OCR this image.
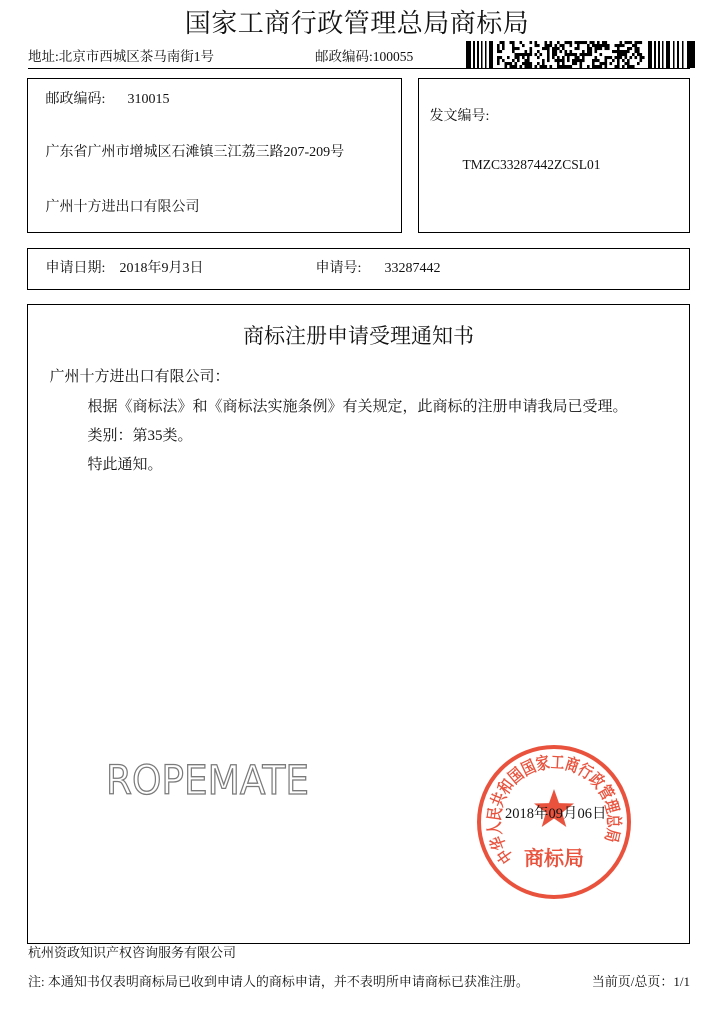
国家工商行政管理总局商标局
地址:北京市西城区茶马南街1号	邮政编码:100055
邮政编码: 310015
广东省广州市增城区石滩镇三江荔三路207-209号
广州十方进出口有限公司
发文编号:
TMZC33287442ZCSL01
申请日期: 2018年9月3日	申请号: 33287442
商标注册申请受理通知书
广州十方进出口有限公司：
根据《商标法》和《商标法实施条例》有关规定，此商标的注册申请我局已受理。
类别：第35类。
特此通知。
ROPEMATE
中华人民共和国国家工商行政管理总局
商标局
2018年09月06日
杭州资政知识产权咨询服务有限公司
注: 本通知书仅表明商标局已收到申请人的商标申请，并不表明所申请商标已获准注册。	当前页/总页：1/1
